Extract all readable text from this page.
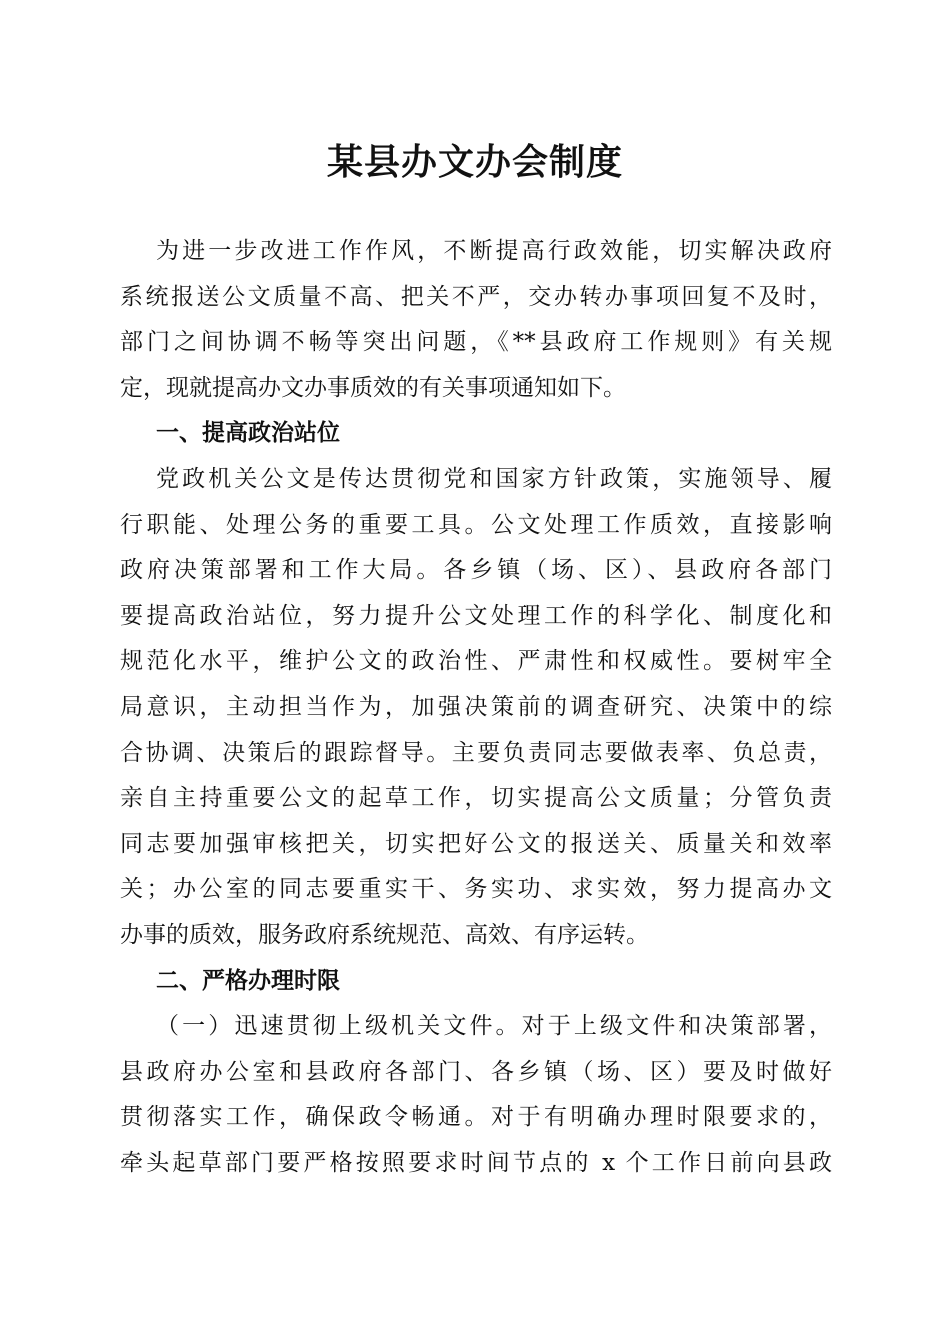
某县办文办会制度
为进一步改进工作作风，不断提高行政效能，切实解决政府
系统报送公文质量不高、把关不严，交办转办事项回复不及时，
部门之间协调不畅等突出问题，《**县政府工作规则》有关规
定，现就提高办文办事质效的有关事项通知如下。
一、提高政治站位
党政机关公文是传达贯彻党和国家方针政策，实施领导、履
行职能、处理公务的重要工具。公文处理工作质效，直接影响
政府决策部署和工作大局。各乡镇（场、区）、县政府各部门
要提高政治站位，努力提升公文处理工作的科学化、制度化和
规范化水平，维护公文的政治性、严肃性和权威性。要树牢全
局意识，主动担当作为，加强决策前的调查研究、决策中的综
合协调、决策后的跟踪督导。主要负责同志要做表率、负总责，
亲自主持重要公文的起草工作，切实提高公文质量；分管负责
同志要加强审核把关，切实把好公文的报送关、质量关和效率
关；办公室的同志要重实干、务实功、求实效，努力提高办文
办事的质效，服务政府系统规范、高效、有序运转。
二、严格办理时限
（一）迅速贯彻上级机关文件。对于上级文件和决策部署，
县政府办公室和县政府各部门、各乡镇（场、区）要及时做好
贯彻落实工作，确保政令畅通。对于有明确办理时限要求的，
牵头起草部门要严格按照要求时间节点的 x 个工作日前向县政
